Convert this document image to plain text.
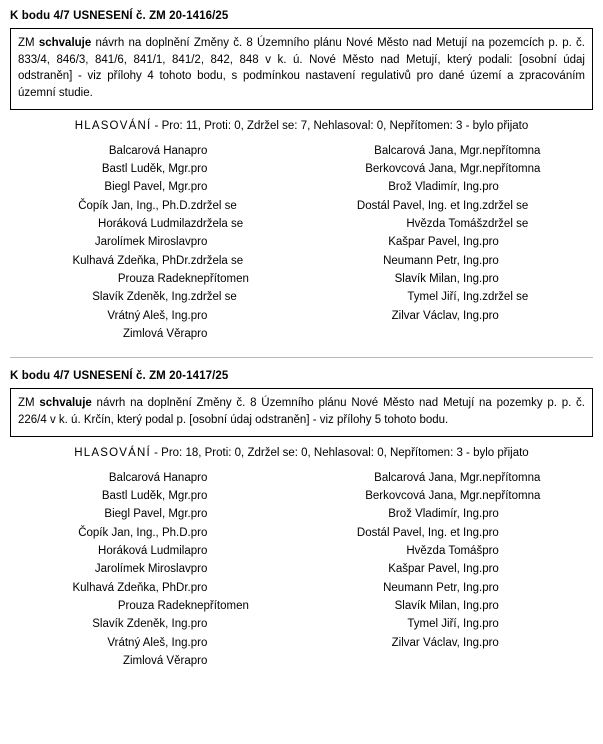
K bodu 4/7 USNESENÍ č. ZM 20-1416/25
ZM schvaluje návrh na doplnění Změny č. 8 Územního plánu Nové Město nad Metují na pozemcích p. p. č. 833/4, 846/3, 841/6, 841/1, 841/2, 842, 848 v k. ú. Nové Město nad Metují, který podali: [osobní údaj odstraněn] - viz přílohy 4 tohoto bodu, s podmínkou nastavení regulativů pro dané území a zpracováním územní studie.
HLASOVÁNÍ - Pro: 11, Proti: 0, Zdržel se: 7, Nehlasoval: 0, Nepřítomen: 3 - bylo přijato
Balcarová Hana	pro	Balcarová Jana, Mgr.	nepřítomna
Bastl Luděk, Mgr.	pro	Berkovcová Jana, Mgr.	nepřítomna
Biegl Pavel, Mgr.	pro	Brož Vladimír, Ing.	pro
Čopík Jan, Ing., Ph.D.	zdržel se	Dostál Pavel, Ing. et Ing.	zdržel se
Horáková Ludmila	zdržela se	Hvězda Tomáš	zdržel se
Jarolímek Miroslav	pro	Kašpar Pavel, Ing.	pro
Kulhavá Zdeňka, PhDr.	zdržela se	Neumann Petr, Ing.	pro
Prouza Radek	nepřítomen	Slavík Milan, Ing.	pro
Slavík Zdeněk, Ing.	zdržel se	Tymel Jiří, Ing.	zdržel se
Vrátný Aleš, Ing.	pro	Zilvar Václav, Ing.	pro
Zimlová Věra	pro		
K bodu 4/7 USNESENÍ č. ZM 20-1417/25
ZM schvaluje návrh na doplnění Změny č. 8 Územního plánu Nové Město nad Metují na pozemky p. p. č. 226/4 v k. ú. Krčín, který podal p. [osobní údaj odstraněn] - viz přílohy 5 tohoto bodu.
HLASOVÁNÍ - Pro: 18, Proti: 0, Zdržel se: 0, Nehlasoval: 0, Nepřítomen: 3 - bylo přijato
Balcarová Hana	pro	Balcarová Jana, Mgr.	nepřítomna
Bastl Luděk, Mgr.	pro	Berkovcová Jana, Mgr.	nepřítomna
Biegl Pavel, Mgr.	pro	Brož Vladimír, Ing.	pro
Čopík Jan, Ing., Ph.D.	pro	Dostál Pavel, Ing. et Ing.	pro
Horáková Ludmila	pro	Hvězda Tomáš	pro
Jarolímek Miroslav	pro	Kašpar Pavel, Ing.	pro
Kulhavá Zdeňka, PhDr.	pro	Neumann Petr, Ing.	pro
Prouza Radek	nepřítomen	Slavík Milan, Ing.	pro
Slavík Zdeněk, Ing.	pro	Tymel Jiří, Ing.	pro
Vrátný Aleš, Ing.	pro	Zilvar Václav, Ing.	pro
Zimlová Věra	pro		
